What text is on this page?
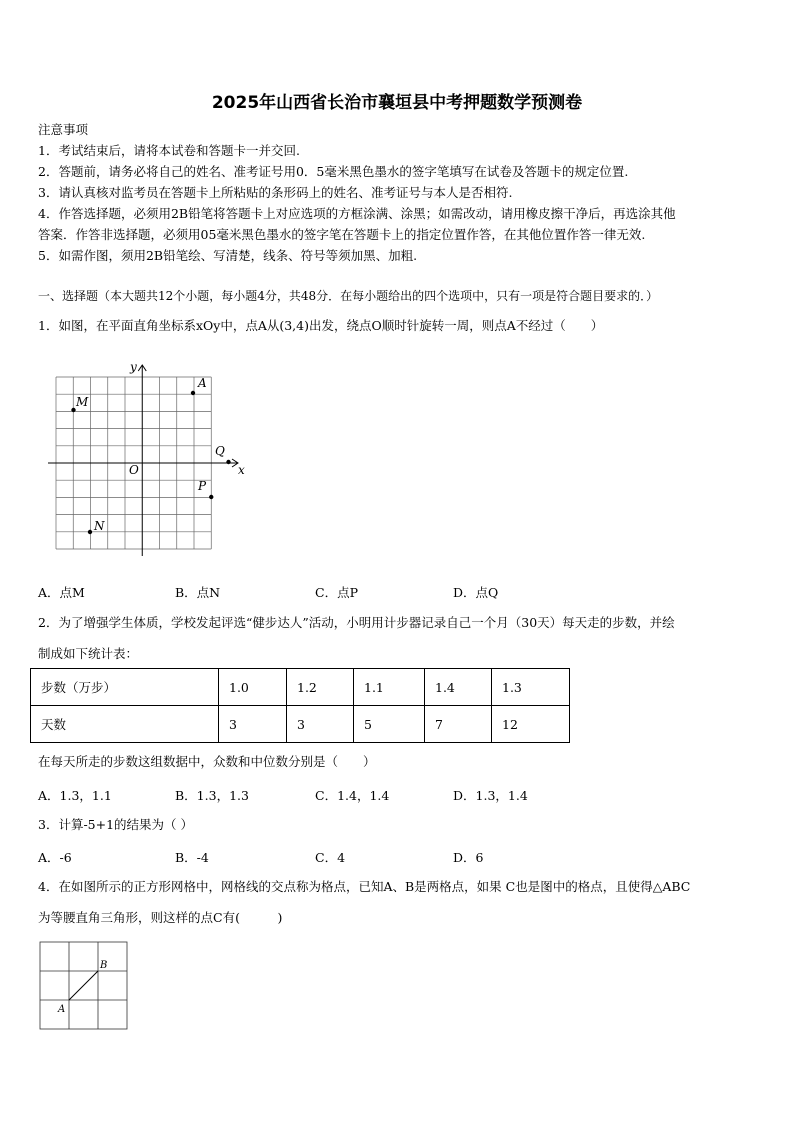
2025年山西省长治市襄垣县中考押题数学预测卷
注意事项
1．考试结束后，请将本试卷和答题卡一并交回.
2．答题前，请务必将自己的姓名、准考证号用0．5毫米黑色墨水的签字笔填写在试卷及答题卡的规定位置.
3．请认真核对监考员在答题卡上所粘贴的条形码上的姓名、准考证号与本人是否相符.
4．作答选择题，必须用2B铅笔将答题卡上对应选项的方框涂满、涂黑；如需改动，请用橡皮擦干净后，再选涂其他
答案．作答非选择题，必须用05毫米黑色墨水的签字笔在答题卡上的指定位置作答，在其他位置作答一律无效.
5．如需作图，须用2B铅笔绘、写清楚，线条、符号等须加黑、加粗.
一、选择题（本大题共12个小题，每小题4分，共48分．在每小题给出的四个选项中，只有一项是符合题目要求的．）
1．如图，在平面直角坐标系xOy中，点A从(3,4)出发，绕点O顺时针旋转一周，则点A不经过（　　）
y
x
O
A
M
Q
P
N
A．点M	B．点N	C．点P	D．点Q
2．为了增强学生体质，学校发起评选“健步达人”活动，小明用计步器记录自己一个月（30天）每天走的步数，并绘
制成如下统计表：
步数（万步）	1.0	1.2	1.1	1.4	1.3
天数	3	3	5	7	12
在每天所走的步数这组数据中，众数和中位数分别是（　　）
A．1.3，1.1	B．1.3，1.3	C．1.4，1.4	D．1.3，1.4
3．计算-5+1的结果为（ ）
A．-6	B．-4	C．4	D．6
4．在如图所示的正方形网格中，网格线的交点称为格点，已知A、B是两格点，如果 C也是图中的格点，且使得△ABC
为等腰直角三角形，则这样的点C有(　　　)
A
B
